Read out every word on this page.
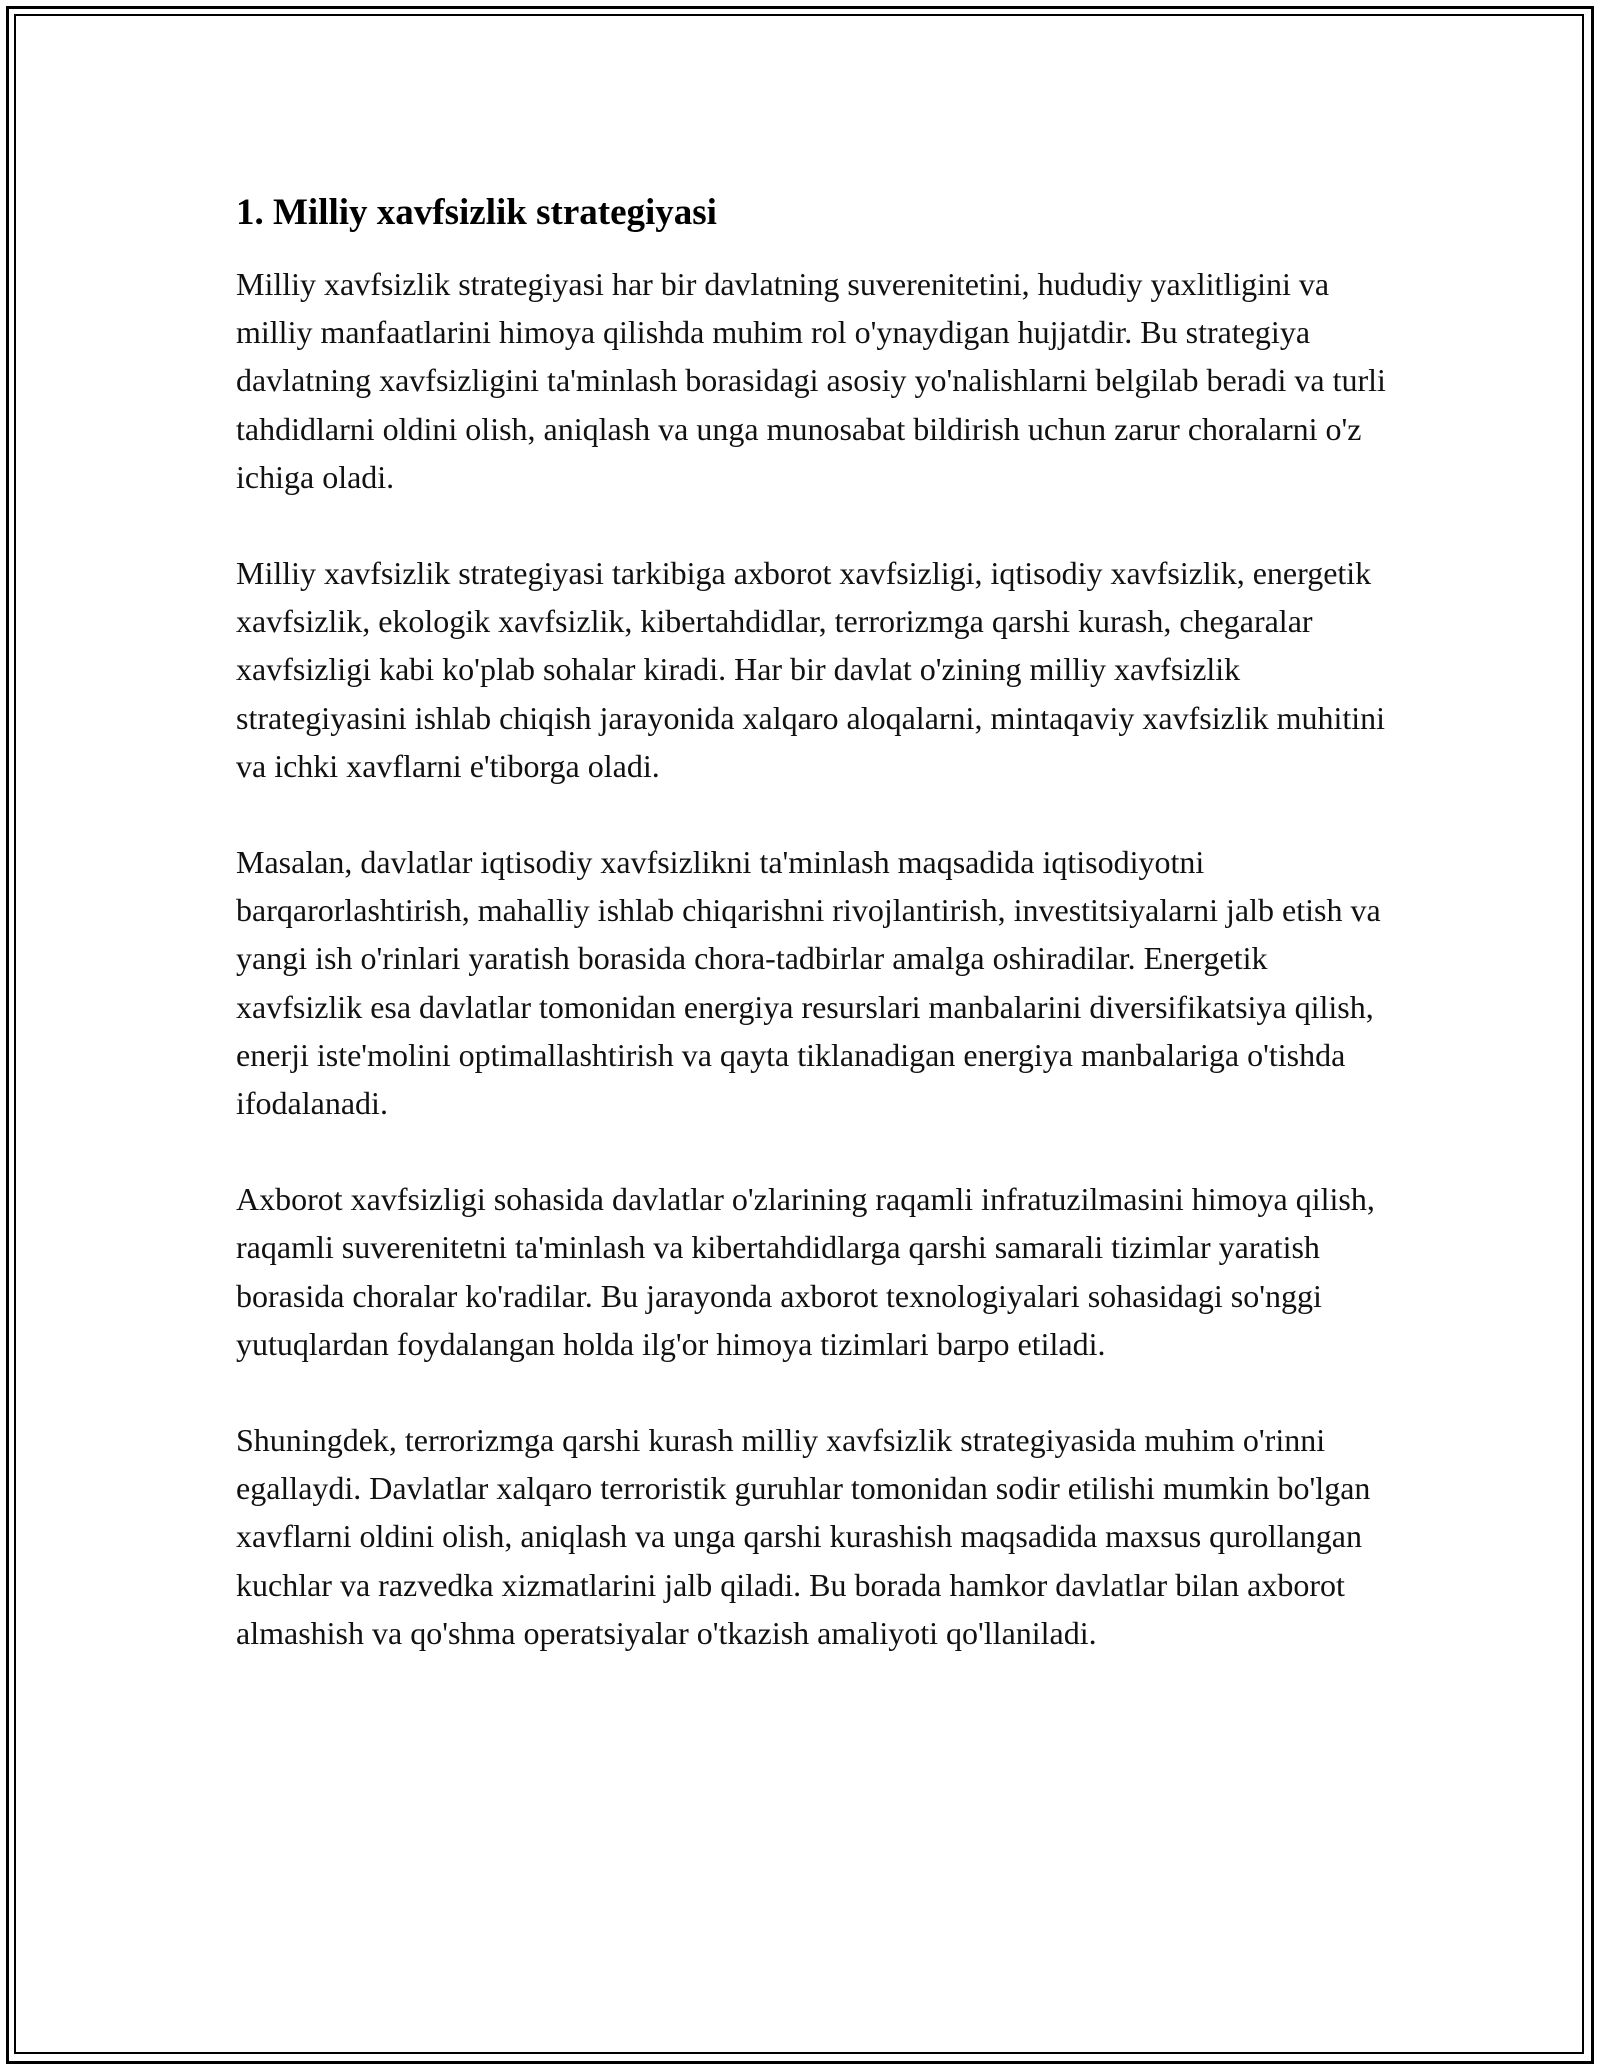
1. Milliy xavfsizlik strategiyasi

Milliy xavfsizlik strategiyasi har bir davlatning suverenitetini, hududiy yaxlitligini va milliy manfaatlarini himoya qilishda muhim rol o'ynaydigan hujjatdir. Bu strategiya davlatning xavfsizligini ta'minlash borasidagi asosiy yo'nalishlarni belgilab beradi va turli tahdidlarni oldini olish, aniqlash va unga munosabat bildirish uchun zarur choralarni o'z ichiga oladi.

Milliy xavfsizlik strategiyasi tarkibiga axborot xavfsizligi, iqtisodiy xavfsizlik, energetik xavfsizlik, ekologik xavfsizlik, kibertahdidlar, terrorizmga qarshi kurash, chegaralar xavfsizligi kabi ko'plab sohalar kiradi. Har bir davlat o'zining milliy xavfsizlik strategiyasini ishlab chiqish jarayonida xalqaro aloqalarni, mintaqaviy xavfsizlik muhitini va ichki xavflarni e'tiborga oladi.

Masalan, davlatlar iqtisodiy xavfsizlikni ta'minlash maqsadida iqtisodiyotni barqarorlashtirish, mahalliy ishlab chiqarishni rivojlantirish, investitsiyalarni jalb etish va yangi ish o'rinlari yaratish borasida chora-tadbirlar amalga oshiradilar. Energetik xavfsizlik esa davlatlar tomonidan energiya resurslari manbalarini diversifikatsiya qilish, enerji iste'molini optimallashtirish va qayta tiklanadigan energiya manbalariga o'tishda ifodalanadi.

Axborot xavfsizligi sohasida davlatlar o'zlarining raqamli infratuzilmasini himoya qilish, raqamli suverenitetni ta'minlash va kibertahdidlarga qarshi samarali tizimlar yaratish borasida choralar ko'radilar. Bu jarayonda axborot texnologiyalari sohasidagi so'nggi yutuqlardan foydalangan holda ilg'or himoya tizimlari barpo etiladi.

Shuningdek, terrorizmga qarshi kurash milliy xavfsizlik strategiyasida muhim o'rinni egallaydi. Davlatlar xalqaro terroristik guruhlar tomonidan sodir etilishi mumkin bo'lgan xavflarni oldini olish, aniqlash va unga qarshi kurashish maqsadida maxsus qurollangan kuchlar va razvedka xizmatlarini jalb qiladi. Bu borada hamkor davlatlar bilan axborot almashish va qo'shma operatsiyalar o'tkazish amaliyoti qo'llaniladi.
